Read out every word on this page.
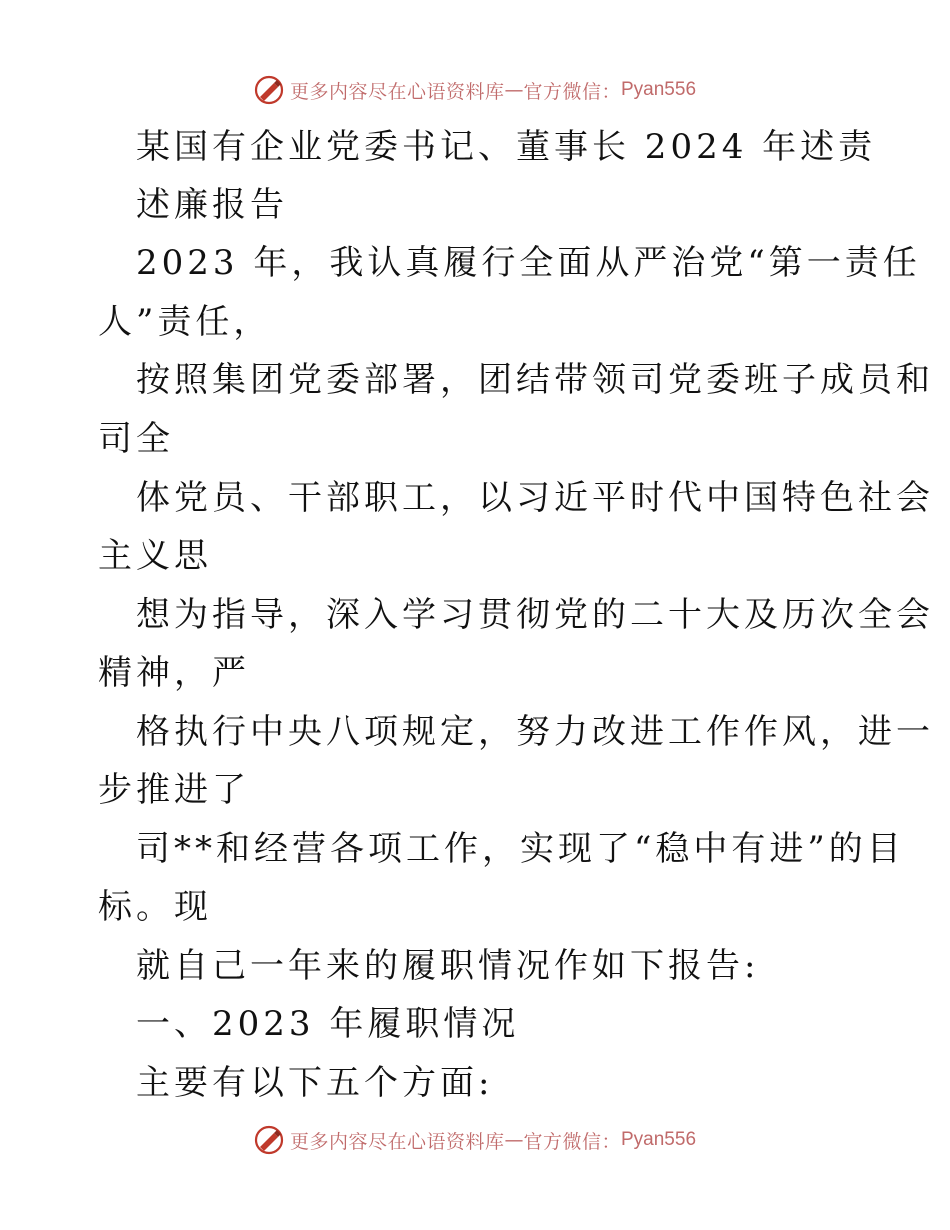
更多内容尽在心语资料库 — 官方微信： Pyan556
某国有企业党委书记、董事长 2024 年述责
述廉报告
2023 年，我认真履行全面从严治党“第一责任
人”责任，
按照集团党委部署，团结带领司党委班子成员和
司全
体党员、干部职工，以习近平时代中国特色社会
主义思
想为指导，深入学习贯彻党的二十大及历次全会
精神，严
格执行中央八项规定，努力改进工作作风，进一
步推进了
司**和经营各项工作，实现了“稳中有进”的目
标。现
就自己一年来的履职情况作如下报告:
一、2023 年履职情况
主要有以下五个方面:
更多内容尽在心语资料库 — 官方微信： Pyan556
